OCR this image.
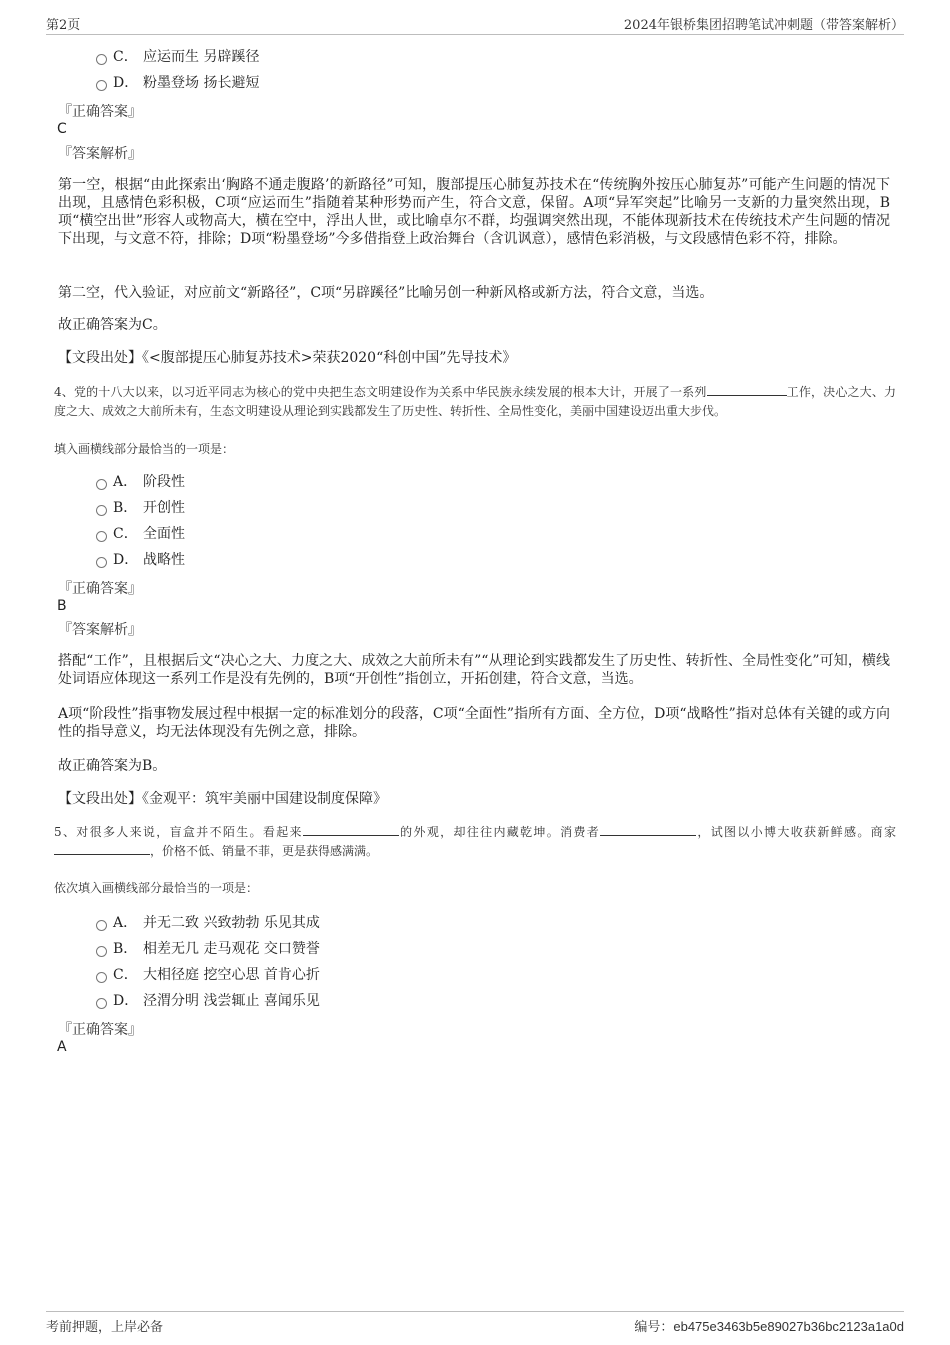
第2页	2024年银桥集团招聘笔试冲刺题（带答案解析）
C． 应运而生 另辟蹊径
D． 粉墨登场 扬长避短
『正确答案』
C
『答案解析』
第一空，根据“由此探索出‘胸路不通走腹路’的新路径”可知，腹部提压心肺复苏技术在“传统胸外按压心肺复苏”可能产生问题的情况下出现，且感情色彩积极，C项“应运而生”指随着某种形势而产生，符合文意，保留。A项“异军突起”比喻另一支新的力量突然出现，B项“横空出世”形容人或物高大，横在空中，浮出人世，或比喻卓尔不群，均强调突然出现，不能体现新技术在传统技术产生问题的情况下出现，与文意不符，排除；D项“粉墨登场”今多借指登上政治舞台（含讥讽意），感情色彩消极，与文段感情色彩不符，排除。
第二空，代入验证，对应前文“新路径”，C项“另辟蹊径”比喻另创一种新风格或新方法，符合文意，当选。
故正确答案为C。
【文段出处】《<腹部提压心肺复苏技术>荣获2020“科创中国”先导技术》
4、党的十八大以来，以习近平同志为核心的党中央把生态文明建设作为关系中华民族永续发展的根本大计，开展了一系列	工作，决心之大、力度之大、成效之大前所未有，生态文明建设从理论到实践都发生了历史性、转折性、全局性变化，美丽中国建设迈出重大步伐。
填入画横线部分最恰当的一项是：
A． 阶段性
B． 开创性
C． 全面性
D． 战略性
『正确答案』
B
『答案解析』
搭配“工作”，且根据后文“决心之大、力度之大、成效之大前所未有”“从理论到实践都发生了历史性、转折性、全局性变化”可知，横线处词语应体现这一系列工作是没有先例的，B项“开创性”指创立，开拓创建，符合文意，当选。
A项“阶段性”指事物发展过程中根据一定的标准划分的段落，C项“全面性”指所有方面、全方位，D项“战略性”指对总体有关键的或方向性的指导意义，均无法体现没有先例之意，排除。
故正确答案为B。
【文段出处】《金观平：筑牢美丽中国建设制度保障》
5、对很多人来说，盲盒并不陌生。看起来	的外观，却往往内藏乾坤。消费者	，试图以小博大收获新鲜感。商家，价格不低、销量不菲，更是获得感满满。
依次填入画横线部分最恰当的一项是：
A． 并无二致 兴致勃勃 乐见其成
B． 相差无几 走马观花 交口赞誉
C． 大相径庭 挖空心思 首肯心折
D． 泾渭分明 浅尝辄止 喜闻乐见
『正确答案』
A
考前押题，上岸必备	编号：eb475e3463b5e89027b36bc2123a1a0d
